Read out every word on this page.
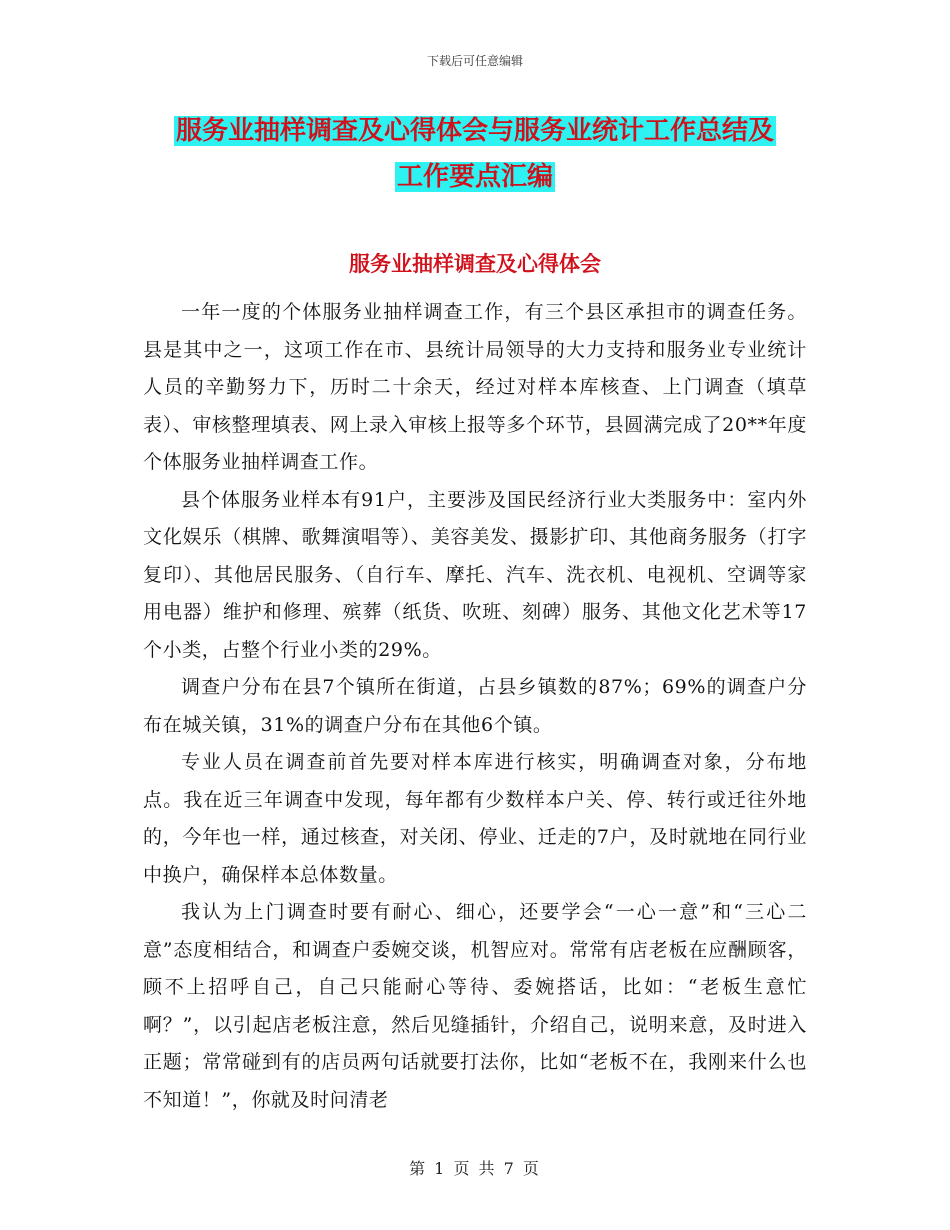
下载后可任意编辑
服务业抽样调查及心得体会与服务业统计工作总结及
工作要点汇编
服务业抽样调查及心得体会

一年一度的个体服务业抽样调查工作，有三个县区承担市的调查任务。县是其中之一，这项工作在市、县统计局领导的大力支持和服务业专业统计人员的辛勤努力下，历时二十余天，经过对样本库核查、上门调查（填草表）、审核整理填表、网上录入审核上报等多个环节，县圆满完成了20**年度个体服务业抽样调查工作。

县个体服务业样本有91户，主要涉及国民经济行业大类服务中：室内外文化娱乐（棋牌、歌舞演唱等）、美容美发、摄影扩印、其他商务服务（打字复印）、其他居民服务、（自行车、摩托、汽车、洗衣机、电视机、空调等家用电器）维护和修理、殡葬（纸货、吹班、刻碑）服务、其他文化艺术等17个小类，占整个行业小类的29%。

调查户分布在县7个镇所在街道，占县乡镇数的87%；69%的调查户分布在城关镇，31%的调查户分布在其他6个镇。

专业人员在调查前首先要对样本库进行核实，明确调查对象，分布地点。我在近三年调查中发现，每年都有少数样本户关、停、转行或迁往外地的，今年也一样，通过核查，对关闭、停业、迁走的7户，及时就地在同行业中换户，确保样本总体数量。

我认为上门调查时要有耐心、细心，还要学会“一心一意”和“三心二意”态度相结合，和调查户委婉交谈，机智应对。常常有店老板在应酬顾客，顾不上招呼自己，自己只能耐心等待、委婉搭话，比如：“老板生意忙啊？”，以引起店老板注意，然后见缝插针，介绍自己，说明来意，及时进入正题；常常碰到有的店员两句话就要打法你，比如“老板不在，我刚来什么也不知道！”，你就及时问清老

第 1 页 共 7 页
